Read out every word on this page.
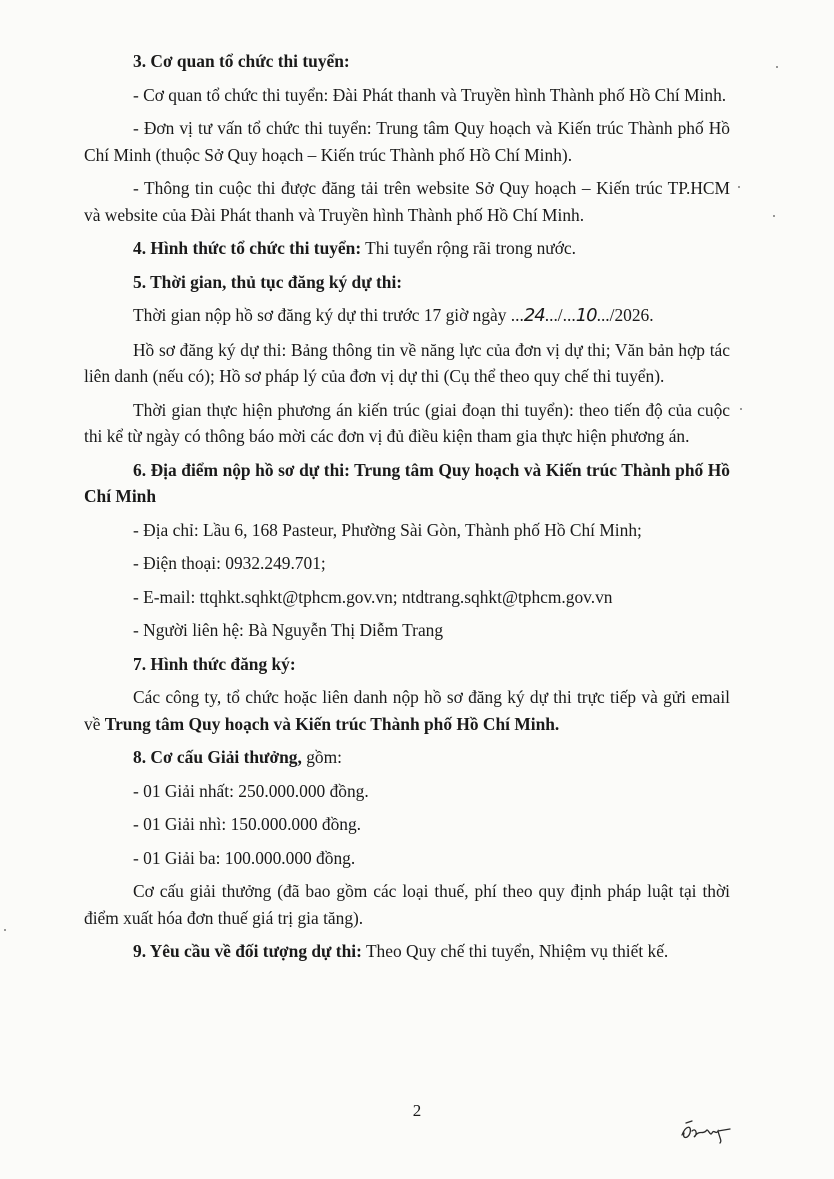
3. Cơ quan tổ chức thi tuyển:

- Cơ quan tổ chức thi tuyển: Đài Phát thanh và Truyền hình Thành phố Hồ Chí Minh.

- Đơn vị tư vấn tổ chức thi tuyển: Trung tâm Quy hoạch và Kiến trúc Thành phố Hồ Chí Minh (thuộc Sở Quy hoạch – Kiến trúc Thành phố Hồ Chí Minh).

- Thông tin cuộc thi được đăng tải trên website Sở Quy hoạch – Kiến trúc TP.HCM và website của Đài Phát thanh và Truyền hình Thành phố Hồ Chí Minh.

4. Hình thức tổ chức thi tuyển: Thi tuyển rộng rãi trong nước.

5. Thời gian, thủ tục đăng ký dự thi:

Thời gian nộp hồ sơ đăng ký dự thi trước 17 giờ ngày ...24.../...10.../2026.

Hồ sơ đăng ký dự thi: Bảng thông tin về năng lực của đơn vị dự thi; Văn bản hợp tác liên danh (nếu có); Hồ sơ pháp lý của đơn vị dự thi (Cụ thể theo quy chế thi tuyển).

Thời gian thực hiện phương án kiến trúc (giai đoạn thi tuyển): theo tiến độ của cuộc thi kể từ ngày có thông báo mời các đơn vị đủ điều kiện tham gia thực hiện phương án.

6. Địa điểm nộp hồ sơ dự thi: Trung tâm Quy hoạch và Kiến trúc Thành phố Hồ Chí Minh

- Địa chỉ: Lầu 6, 168 Pasteur, Phường Sài Gòn, Thành phố Hồ Chí Minh;

- Điện thoại: 0932.249.701;

- E-mail: ttqhkt.sqhkt@tphcm.gov.vn; ntdtrang.sqhkt@tphcm.gov.vn

- Người liên hệ: Bà Nguyễn Thị Diễm Trang

7. Hình thức đăng ký:

Các công ty, tổ chức hoặc liên danh nộp hồ sơ đăng ký dự thi trực tiếp và gửi email về Trung tâm Quy hoạch và Kiến trúc Thành phố Hồ Chí Minh.

8. Cơ cấu Giải thưởng, gồm:

- 01 Giải nhất: 250.000.000 đồng.

- 01 Giải nhì: 150.000.000 đồng.

- 01 Giải ba: 100.000.000 đồng.

Cơ cấu giải thưởng (đã bao gồm các loại thuế, phí theo quy định pháp luật tại thời điểm xuất hóa đơn thuế giá trị gia tăng).

9. Yêu cầu về đối tượng dự thi: Theo Quy chế thi tuyển, Nhiệm vụ thiết kế.

2
